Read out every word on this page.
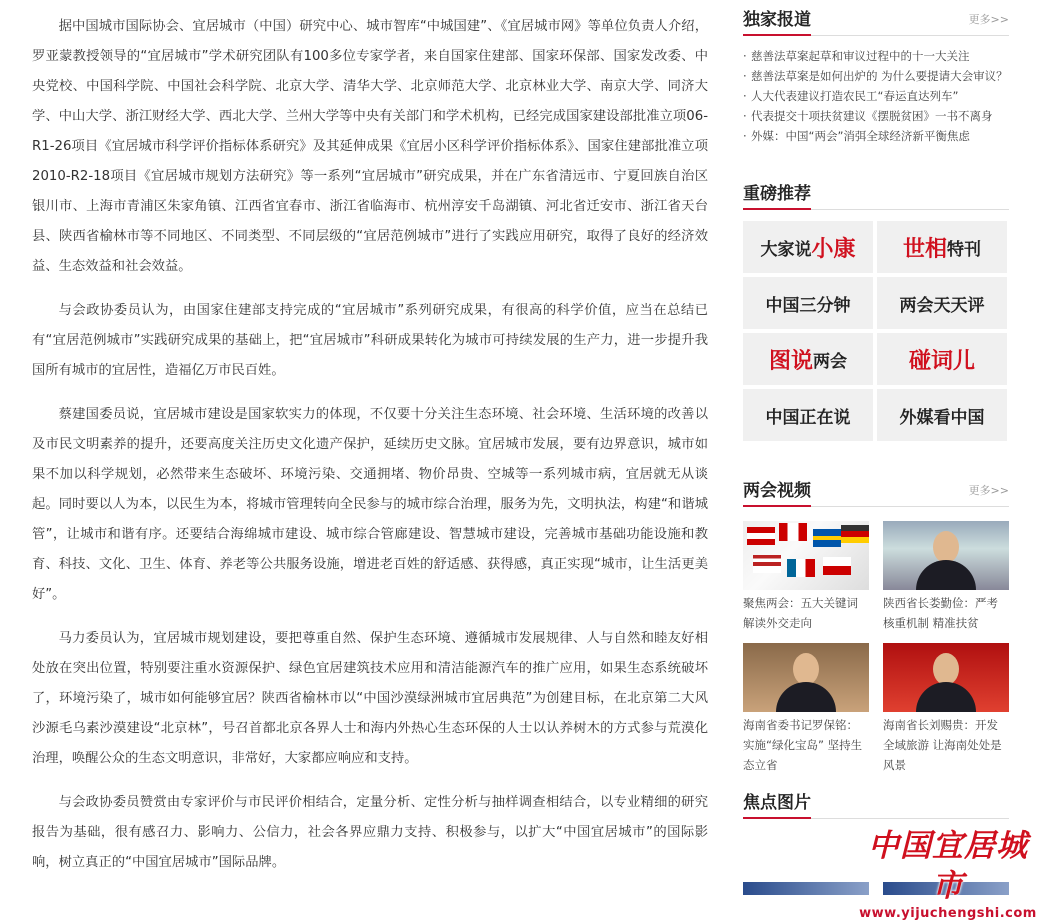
据中国城市国际协会、宜居城市（中国）研究中心、城市智库“中城国建”、《宜居城市网》等单位负责人介绍，罗亚蒙教授领导的“宜居城市”学术研究团队有100多位专家学者，来自国家住建部、国家环保部、国家发改委、中央党校、中国科学院、中国社会科学院、北京大学、清华大学、北京师范大学、北京林业大学、南京大学、同济大学、中山大学、浙江财经大学、西北大学、兰州大学等中央有关部门和学术机构，已经完成国家建设部批准立项06-R1-26项目《宜居城市科学评价指标体系研究》及其延伸成果《宜居小区科学评价指标体系》、国家住建部批准立项2010-R2-18项目《宜居城市规划方法研究》等一系列“宜居城市”研究成果，并在广东省清远市、宁夏回族自治区银川市、上海市青浦区朱家角镇、江西省宜春市、浙江省临海市、杭州淳安千岛湖镇、河北省迁安市、浙江省天台县、陕西省榆林市等不同地区、不同类型、不同层级的“宜居范例城市”进行了实践应用研究，取得了良好的经济效益、生态效益和社会效益。

与会政协委员认为，由国家住建部支持完成的“宜居城市”系列研究成果，有很高的科学价值，应当在总结已有“宜居范例城市”实践研究成果的基础上，把“宜居城市”科研成果转化为城市可持续发展的生产力，进一步提升我国所有城市的宜居性，造福亿万市民百姓。

蔡建国委员说，宜居城市建设是国家软实力的体现，不仅要十分关注生态环境、社会环境、生活环境的改善以及市民文明素养的提升，还要高度关注历史文化遗产保护，延续历史文脉。宜居城市发展，要有边界意识，城市如果不加以科学规划，必然带来生态破坏、环境污染、交通拥堵、物价昂贵、空城等一系列城市病，宜居就无从谈起。同时要以人为本，以民生为本，将城市管理转向全民参与的城市综合治理，服务为先，文明执法，构建“和谐城管”，让城市和谐有序。还要结合海绵城市建设、城市综合管廊建设、智慧城市建设，完善城市基础功能设施和教育、科技、文化、卫生、体育、养老等公共服务设施，增进老百姓的舒适感、获得感，真正实现“城市，让生活更美好”。

马力委员认为，宜居城市规划建设，要把尊重自然、保护生态环境、遵循城市发展规律、人与自然和睦友好相处放在突出位置，特别要注重水资源保护、绿色宜居建筑技术应用和清洁能源汽车的推广应用，如果生态系统破坏了，环境污染了，城市如何能够宜居？陕西省榆林市以“中国沙漠绿洲城市宜居典范”为创建目标，在北京第二大风沙源毛乌素沙漠建设“北京林”，号召首都北京各界人士和海内外热心生态环保的人士以认养树木的方式参与荒漠化治理，唤醒公众的生态文明意识，非常好，大家都应响应和支持。

与会政协委员赞赏由专家评价与市民评价相结合，定量分析、定性分析与抽样调查相结合，以专业精细的研究报告为基础，很有感召力、影响力、公信力，社会各界应鼎力支持、积极参与，以扩大“中国宜居城市”的国际影响，树立真正的“中国宜居城市”国际品牌。

独家报道	更多>>
· 慈善法草案起草和审议过程中的十一大关注
· 慈善法草案是如何出炉的 为什么要提请大会审议？
· 人大代表建议打造农民工“春运直达列车”
· 代表提交十项扶贫建议《摆脱贫困》一书不离身
· 外媒：中国“两会”消弭全球经济新平衡焦虑
重磅推荐
大家说 小康 世相 特刊
中国三分钟	两会天天评
图说 两会	碰词儿
中国正在说	外媒看中国
两会视频	更多>>
聚焦两会：五大关键词解读外交走向
陕西省长娄勤俭：严考核重机制 精准扶贫
海南省委书记罗保铭：实施“绿化宝岛” 坚持生态立省
海南省长刘赐贵：开发全域旅游 让海南处处是风景
焦点图片
中国宜居城市
www.yijuchengshi.com
